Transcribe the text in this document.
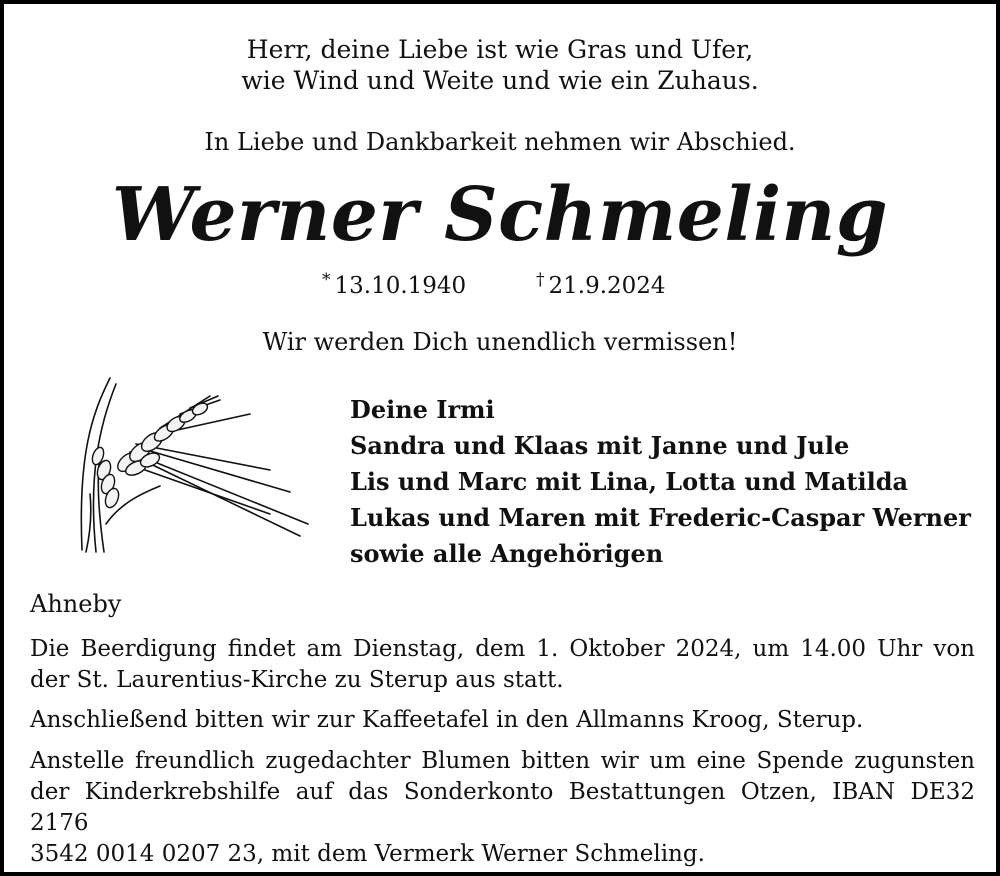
Herr, deine Liebe ist wie Gras und Ufer,
wie Wind und Weite und wie ein Zuhaus.
In Liebe und Dankbarkeit nehmen wir Abschied.
Werner Schmeling
* 13.10.1940	† 21.9.2024
Wir werden Dich unendlich vermissen!
Deine Irmi
Sandra und Klaas mit Janne und Jule
Lis und Marc mit Lina, Lotta und Matilda
Lukas und Maren mit Frederic-Caspar Werner
sowie alle Angehörigen
Ahneby
Die Beerdigung findet am Dienstag, dem 1. Oktober 2024, um 14.00 Uhr von
der St. Laurentius-Kirche zu Sterup aus statt.
Anschließend bitten wir zur Kaffeetafel in den Allmanns Kroog, Sterup.
Anstelle freundlich zugedachter Blumen bitten wir um eine Spende zugunsten
der Kinderkrebshilfe auf das Sonderkonto Bestattungen Otzen, IBAN DE32 2176
3542 0014 0207 23, mit dem Vermerk Werner Schmeling.
